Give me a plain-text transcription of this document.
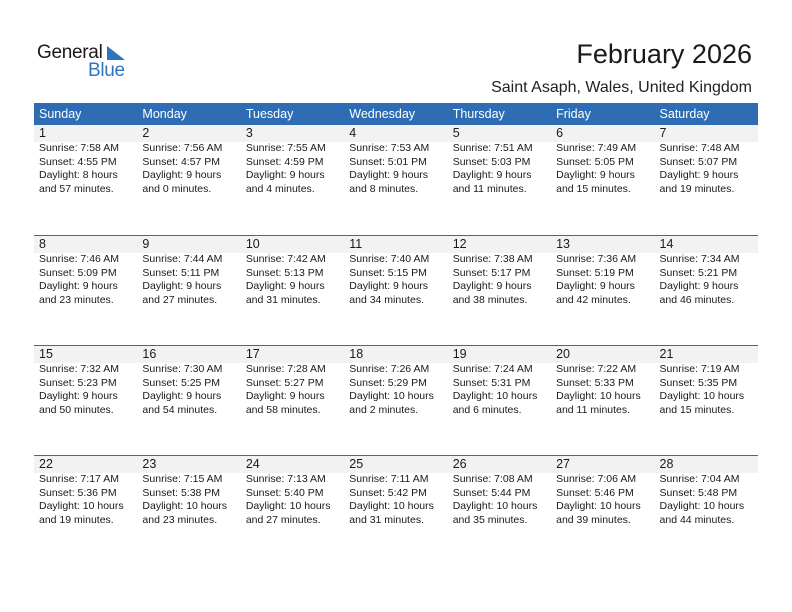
General
Blue
February 2026
Saint Asaph, Wales, United Kingdom
Sunday	Monday	Tuesday	Wednesday	Thursday	Friday	Saturday
1	2	3	4	5	6	7
Sunrise: 7:58 AM
Sunset: 4:55 PM
Daylight: 8 hours
and 57 minutes.
Sunrise: 7:56 AM
Sunset: 4:57 PM
Daylight: 9 hours
and 0 minutes.
Sunrise: 7:55 AM
Sunset: 4:59 PM
Daylight: 9 hours
and 4 minutes.
Sunrise: 7:53 AM
Sunset: 5:01 PM
Daylight: 9 hours
and 8 minutes.
Sunrise: 7:51 AM
Sunset: 5:03 PM
Daylight: 9 hours
and 11 minutes.
Sunrise: 7:49 AM
Sunset: 5:05 PM
Daylight: 9 hours
and 15 minutes.
Sunrise: 7:48 AM
Sunset: 5:07 PM
Daylight: 9 hours
and 19 minutes.
8	9	10	11	12	13	14
Sunrise: 7:46 AM
Sunset: 5:09 PM
Daylight: 9 hours
and 23 minutes.
Sunrise: 7:44 AM
Sunset: 5:11 PM
Daylight: 9 hours
and 27 minutes.
Sunrise: 7:42 AM
Sunset: 5:13 PM
Daylight: 9 hours
and 31 minutes.
Sunrise: 7:40 AM
Sunset: 5:15 PM
Daylight: 9 hours
and 34 minutes.
Sunrise: 7:38 AM
Sunset: 5:17 PM
Daylight: 9 hours
and 38 minutes.
Sunrise: 7:36 AM
Sunset: 5:19 PM
Daylight: 9 hours
and 42 minutes.
Sunrise: 7:34 AM
Sunset: 5:21 PM
Daylight: 9 hours
and 46 minutes.
15	16	17	18	19	20	21
Sunrise: 7:32 AM
Sunset: 5:23 PM
Daylight: 9 hours
and 50 minutes.
Sunrise: 7:30 AM
Sunset: 5:25 PM
Daylight: 9 hours
and 54 minutes.
Sunrise: 7:28 AM
Sunset: 5:27 PM
Daylight: 9 hours
and 58 minutes.
Sunrise: 7:26 AM
Sunset: 5:29 PM
Daylight: 10 hours
and 2 minutes.
Sunrise: 7:24 AM
Sunset: 5:31 PM
Daylight: 10 hours
and 6 minutes.
Sunrise: 7:22 AM
Sunset: 5:33 PM
Daylight: 10 hours
and 11 minutes.
Sunrise: 7:19 AM
Sunset: 5:35 PM
Daylight: 10 hours
and 15 minutes.
22	23	24	25	26	27	28
Sunrise: 7:17 AM
Sunset: 5:36 PM
Daylight: 10 hours
and 19 minutes.
Sunrise: 7:15 AM
Sunset: 5:38 PM
Daylight: 10 hours
and 23 minutes.
Sunrise: 7:13 AM
Sunset: 5:40 PM
Daylight: 10 hours
and 27 minutes.
Sunrise: 7:11 AM
Sunset: 5:42 PM
Daylight: 10 hours
and 31 minutes.
Sunrise: 7:08 AM
Sunset: 5:44 PM
Daylight: 10 hours
and 35 minutes.
Sunrise: 7:06 AM
Sunset: 5:46 PM
Daylight: 10 hours
and 39 minutes.
Sunrise: 7:04 AM
Sunset: 5:48 PM
Daylight: 10 hours
and 44 minutes.
